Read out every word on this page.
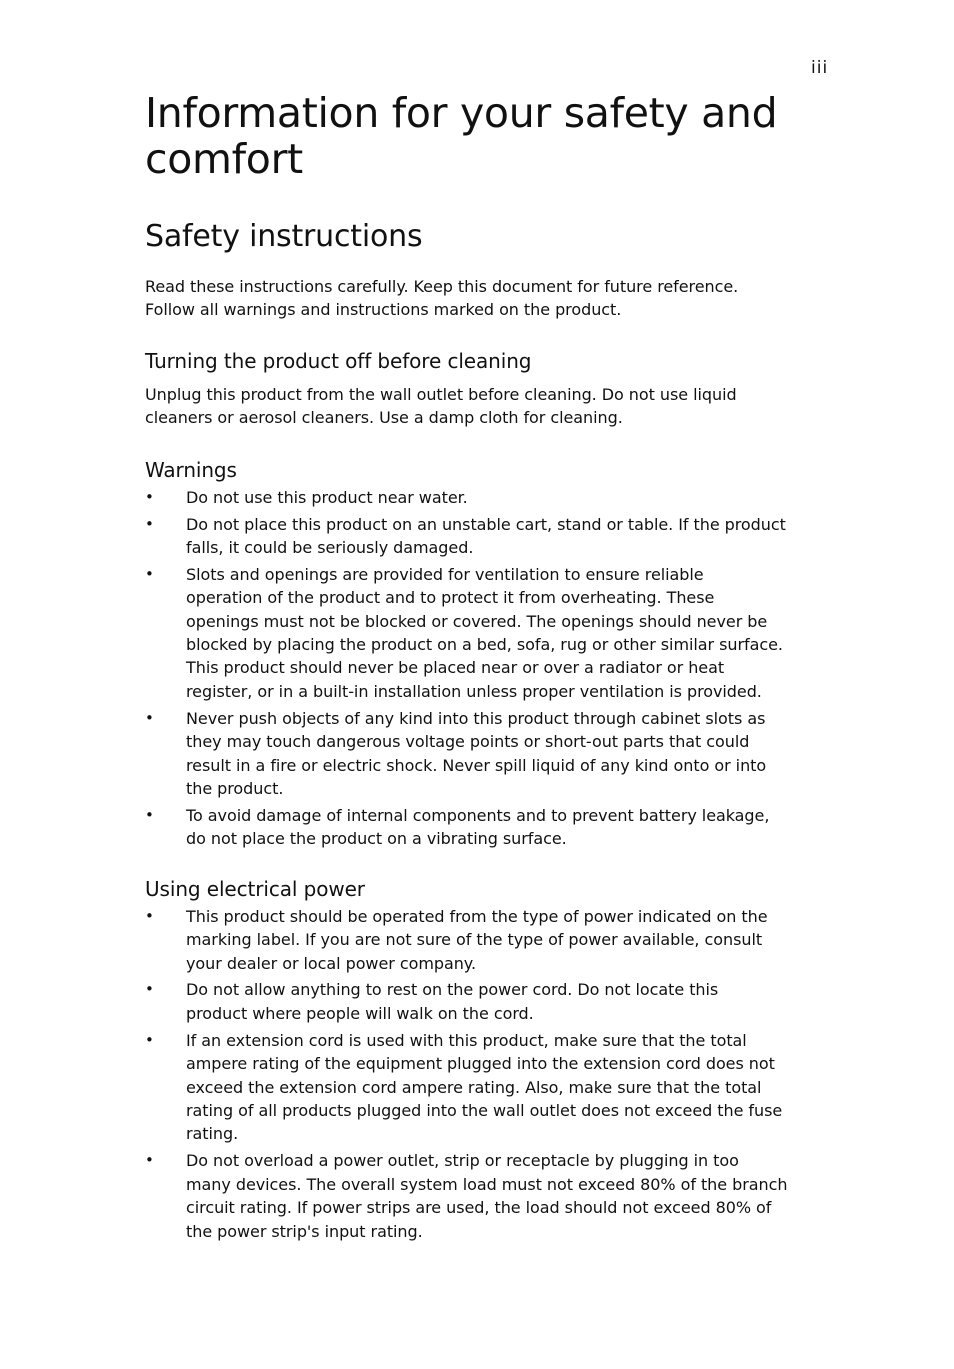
iii
Information for your safety and comfort
Safety instructions

Read these instructions carefully. Keep this document for future reference.
Follow all warnings and instructions marked on the product.

Turning the product off before cleaning

Unplug this product from the wall outlet before cleaning. Do not use liquid
cleaners or aerosol cleaners. Use a damp cloth for cleaning.

Warnings
• Do not use this product near water.
• Do not place this product on an unstable cart, stand or table. If the product
falls, it could be seriously damaged.
• Slots and openings are provided for ventilation to ensure reliable
operation of the product and to protect it from overheating. These
openings must not be blocked or covered. The openings should never be
blocked by placing the product on a bed, sofa, rug or other similar surface.
This product should never be placed near or over a radiator or heat
register, or in a built-in installation unless proper ventilation is provided.
• Never push objects of any kind into this product through cabinet slots as
they may touch dangerous voltage points or short-out parts that could
result in a fire or electric shock. Never spill liquid of any kind onto or into
the product.
• To avoid damage of internal components and to prevent battery leakage,
do not place the product on a vibrating surface.
Using electrical power
• This product should be operated from the type of power indicated on the
marking label. If you are not sure of the type of power available, consult
your dealer or local power company.
• Do not allow anything to rest on the power cord. Do not locate this
product where people will walk on the cord.
• If an extension cord is used with this product, make sure that the total
ampere rating of the equipment plugged into the extension cord does not
exceed the extension cord ampere rating. Also, make sure that the total
rating of all products plugged into the wall outlet does not exceed the fuse
rating.
• Do not overload a power outlet, strip or receptacle by plugging in too
many devices. The overall system load must not exceed 80% of the branch
circuit rating. If power strips are used, the load should not exceed 80% of
the power strip's input rating.
